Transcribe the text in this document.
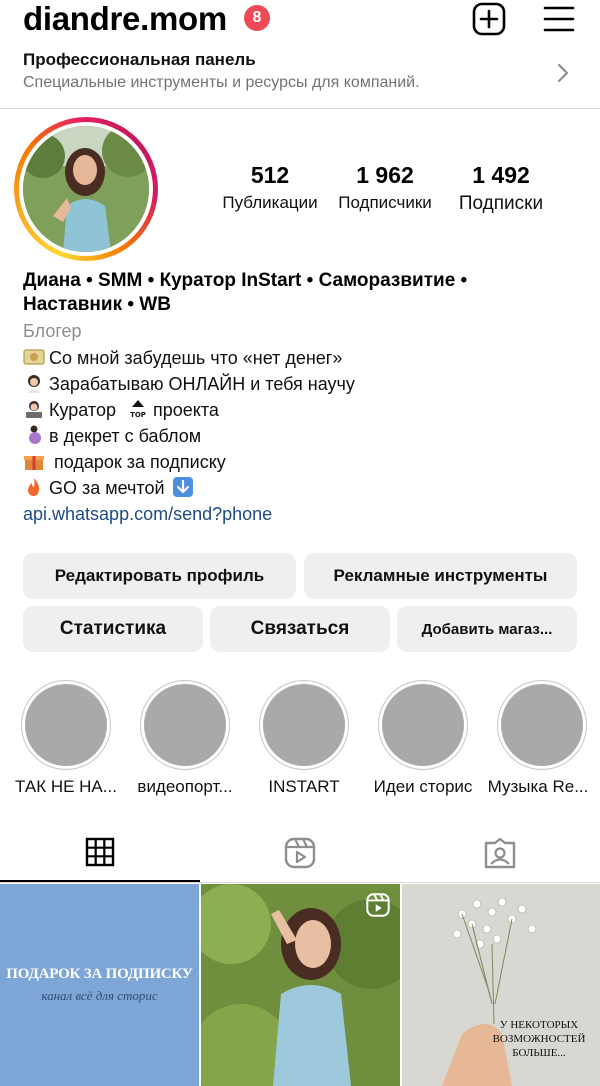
diandre.mom	8
Профессиональная панель
Специальные инструменты и ресурсы для компаний.
512
Публикации
1 962
Подписчики
1 492
Подписки
Диана • SMM • Куратор InStart • Саморазвитие •
Наставник • WB
Блогер
Со мной забудешь что «нет денег»
Зарабатываю ОНЛАЙН и тебя научу
Куратор TOP проекта
в декрет с баблом
подарок за подписку
GO за мечтой
api.whatsapp.com/send?phone
Редактировать профиль	Рекламные инструменты
Статистика	Связаться	Добавить магаз...
ТАК НЕ НА...	видеопорт...	INSTART	Идеи сторис Музыка Re...
ПОДАРОК ЗА ПОДПИСКУ
канал всё для сторис
У НЕКОТОРЫХ ВОЗМОЖНОСТЕЙ БОЛЬШЕ...
